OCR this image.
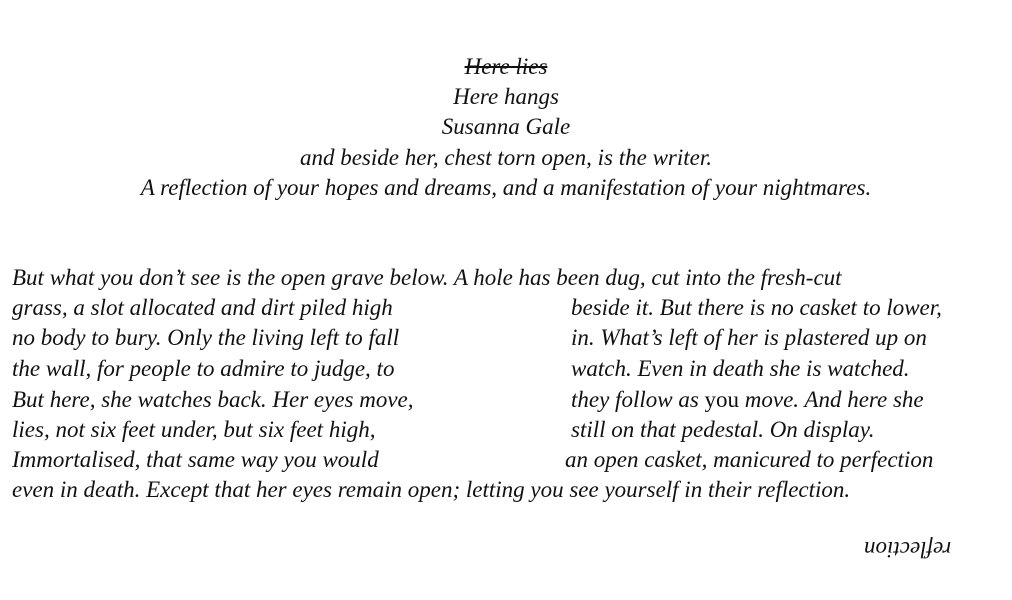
Here lies
Here hangs
Susanna Gale
and beside her, chest torn open, is the writer.
A reflection of your hopes and dreams, and a manifestation of your nightmares.
But what you don’t see is the open grave below. A hole has been dug, cut into the fresh-cut
grass, a slot allocated and dirt piled high	beside it. But there is no casket to lower,
no body to bury. Only the living left to fall	in. What’s left of her is plastered up on
the wall, for people to admire to judge, to	watch. Even in death she is watched.
But here, she watches back. Her eyes move,	they follow as you move. And here she
lies, not six feet under, but six feet high,	still on that pedestal. On display.
Immortalised, that same way you would	an open casket, manicured to perfection
even in death. Except that her eyes remain open; letting you see yourself in their reflection.
reflection
